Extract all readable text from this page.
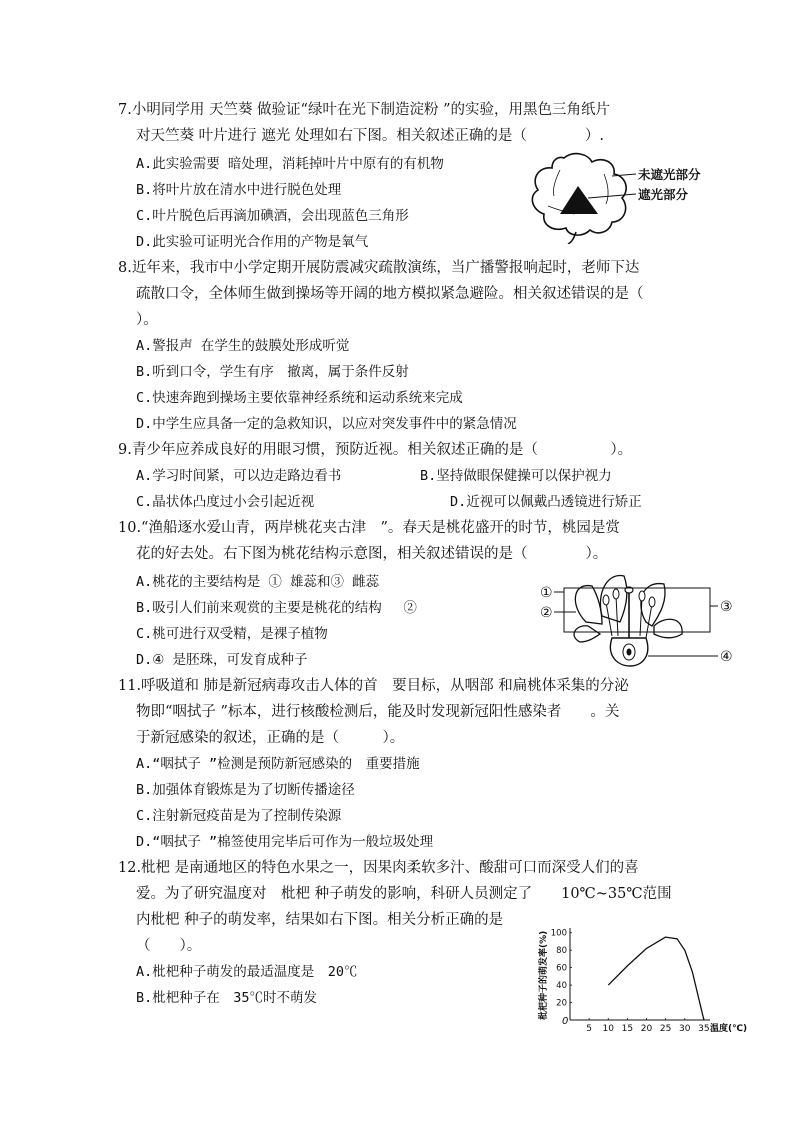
7.小明同学用 天竺葵 做验证“绿叶在光下制造淀粉 ”的实验，用黑色三角纸片
对天竺葵 叶片进行 遮光 处理如右下图。相关叙述正确的是（　　　　）.
A.此实验需要 暗处理，消耗掉叶片中原有的有机物
B.将叶片放在清水中进行脱色处理
C.叶片脱色后再滴加碘酒，会出现蓝色三角形
D.此实验可证明光合作用的产物是氧气
未遮光部分
遮光部分
8.近年来，我市中小学定期开展防震减灾疏散演练，当广播警报响起时，老师下达
疏散口令，全体师生做到操场等开阔的地方模拟紧急避险。相关叙述错误的是（
）。
A.警报声 在学生的鼓膜处形成听觉
B.听到口令，学生有序　撤离，属于条件反射
C.快速奔跑到操场主要依靠神经系统和运动系统来完成
D.中学生应具备一定的急救知识，以应对突发事件中的紧急情况
9.青少年应养成良好的用眼习惯，预防近视。相关叙述正确的是（　　　　　）。
A.学习时间紧，可以边走路边看书	B.坚持做眼保健操可以保护视力
C.晶状体凸度过小会引起近视	D.近视可以佩戴凸透镜进行矫正
10.“渔船逐水爱山青，两岸桃花夹古津　”。春天是桃花盛开的时节，桃园是赏
花的好去处。右下图为桃花结构示意图，相关叙述错误的是（　　　　）。
A.桃花的主要结构是 ① 雄蕊和③ 雌蕊
B.吸引人们前来观赏的主要是桃花的结构　 ②
C.桃可进行双受精，是裸子植物
D.④ 是胚珠，可发育成种子
①
②	③
④
11.呼吸道和 肺是新冠病毒攻击人体的首　要目标，从咽部 和扁桃体采集的分泌
物即“咽拭子 ”标本，进行核酸检测后，能及时发现新冠阳性感染者　　。关
于新冠感染的叙述，正确的是（　　　）。
A.“咽拭子 ”检测是预防新冠感染的　重要措施
B.加强体育锻炼是为了切断传播途径
C.注射新冠疫苗是为了控制传染源
D.“咽拭子 ”棉签使用完毕后可作为一般垃圾处理
12.枇杷 是南通地区的特色水果之一，因果肉柔软多汁、酸甜可口而深受人们的喜
爱。为了研究温度对　枇杷 种子萌发的影响，科研人员测定了　　10℃~35℃范围
内枇杷 种子的萌发率，结果如右下图。相关分析正确的是
（　　）。
A.枇杷种子萌发的最适温度是　20℃
B.枇杷种子在　35℃时不萌发
5 10 15 20 25 30 35
20
40
60
80
100
枇杷种子的萌发率(%)
温度(℃)
0
